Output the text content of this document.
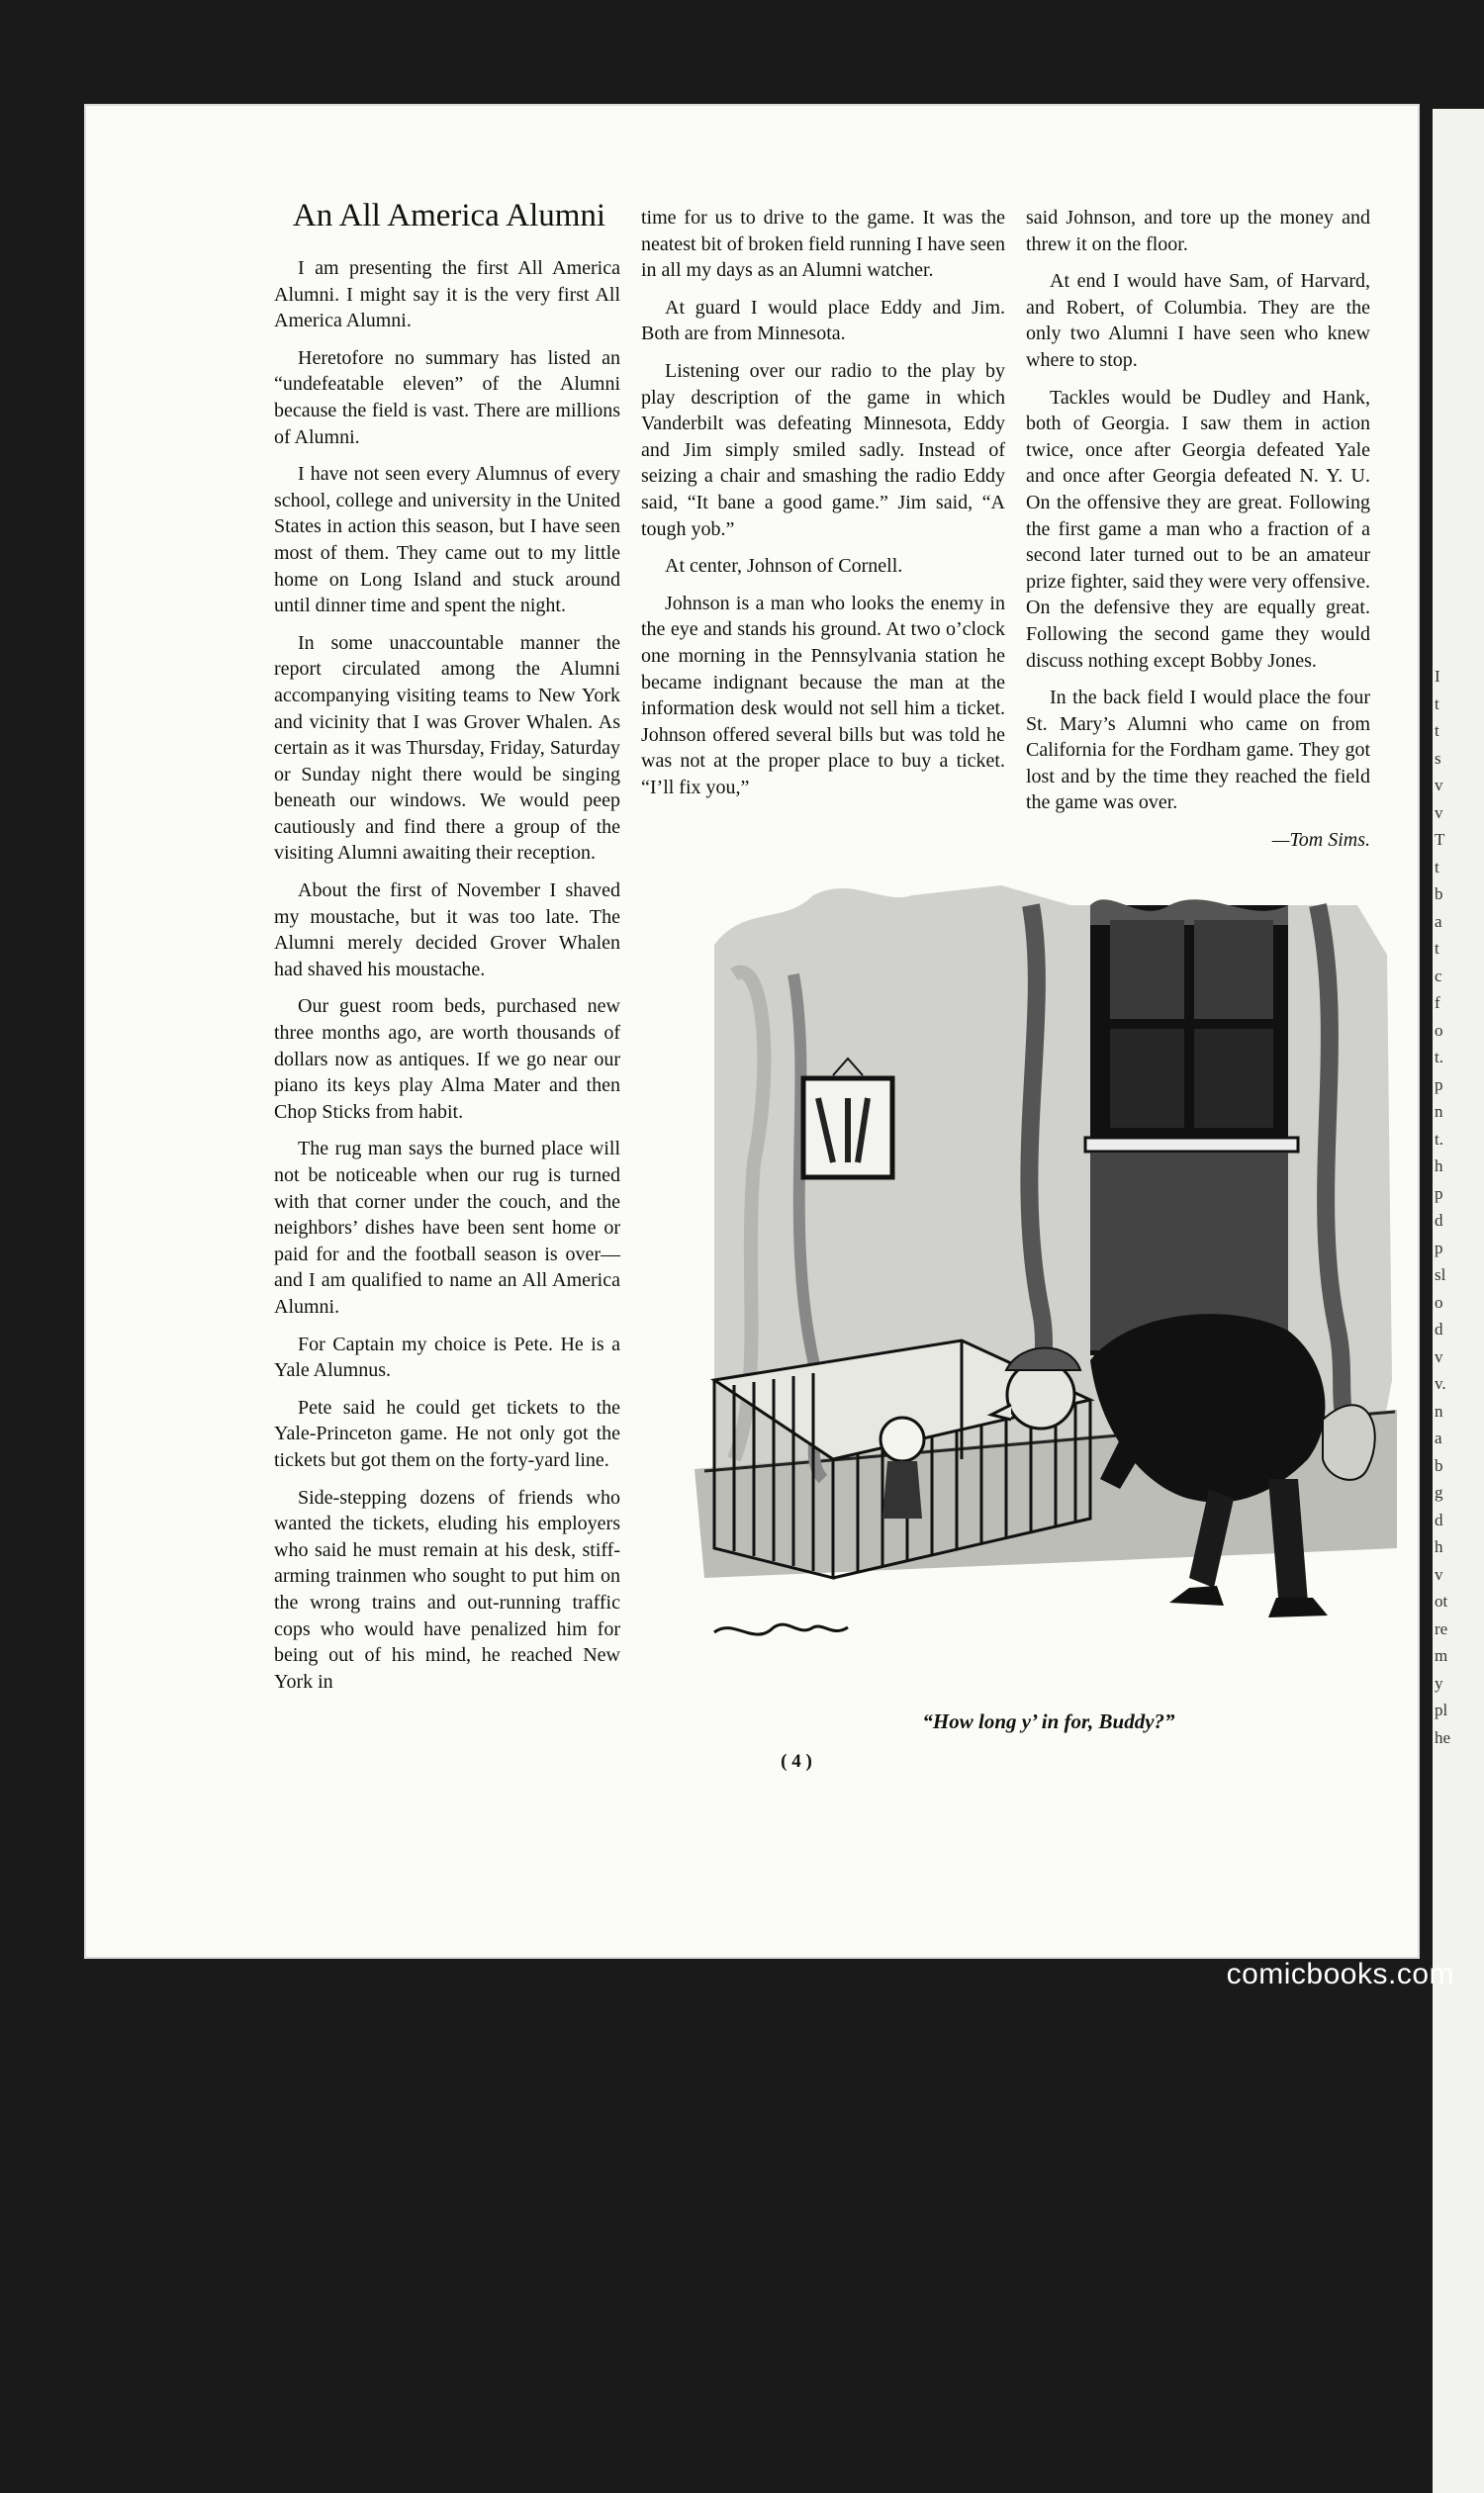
I
t
t
s
v
v
T
t
b
a
t
c
f
o
t.
p
n
t.
h
p
d
p
sl
o
d
v
v.
n
a
b
g
d
h
v
ot
re
m
y
pl
he
An All America Alumni

I am presenting the first All America Alumni. I might say it is the very first All America Alumni.

Heretofore no summary has listed an “undefeatable eleven” of the Alumni because the field is vast. There are millions of Alumni.

I have not seen every Alumnus of every school, college and university in the United States in action this season, but I have seen most of them. They came out to my little home on Long Island and stuck around until dinner time and spent the night.

In some unaccountable manner the report circulated among the Alumni accompanying visiting teams to New York and vicinity that I was Grover Whalen. As certain as it was Thursday, Friday, Saturday or Sunday night there would be singing beneath our windows. We would peep cautiously and find there a group of the visiting Alumni awaiting their reception.

About the first of November I shaved my moustache, but it was too late. The Alumni merely decided Grover Whalen had shaved his moustache.

Our guest room beds, purchased new three months ago, are worth thousands of dollars now as antiques. If we go near our piano its keys play Alma Mater and then Chop Sticks from habit.

The rug man says the burned place will not be noticeable when our rug is turned with that corner under the couch, and the neighbors’ dishes have been sent home or paid for and the football season is over—and I am qualified to name an All America Alumni.

For Captain my choice is Pete. He is a Yale Alumnus.

Pete said he could get tickets to the Yale-Princeton game. He not only got the tickets but got them on the forty-yard line.

Side-stepping dozens of friends who wanted the tickets, eluding his employers who said he must remain at his desk, stiff-arming trainmen who sought to put him on the wrong trains and out-running traffic cops who would have penalized him for being out of his mind, he reached New York in

time for us to drive to the game. It was the neatest bit of broken field running I have seen in all my days as an Alumni watcher.

At guard I would place Eddy and Jim. Both are from Minnesota.

Listening over our radio to the play by play description of the game in which Vanderbilt was defeating Minnesota, Eddy and Jim simply smiled sadly. Instead of seizing a chair and smashing the radio Eddy said, “It bane a good game.” Jim said, “A tough yob.”

At center, Johnson of Cornell.

Johnson is a man who looks the enemy in the eye and stands his ground. At two o’clock one morning in the Pennsylvania station he became indignant because the man at the information desk would not sell him a ticket. Johnson offered several bills but was told he was not at the proper place to buy a ticket. “I’ll fix you,”

said Johnson, and tore up the money and threw it on the floor.

At end I would have Sam, of Harvard, and Robert, of Columbia. They are the only two Alumni I have seen who knew where to stop.

Tackles would be Dudley and Hank, both of Georgia. I saw them in action twice, once after Georgia defeated Yale and once after Georgia defeated N. Y. U. On the offensive they are great. Following the first game a man who a fraction of a second later turned out to be an amateur prize fighter, said they were very offensive. On the defensive they are equally great. Following the second game they would discuss nothing except Bobby Jones.

In the back field I would place the four St. Mary’s Alumni who came on from California for the Fordham game. They got lost and by the time they reached the field the game was over.

—Tom Sims.

“How long y’ in for, Buddy?”
( 4 )
comicbooks.com
